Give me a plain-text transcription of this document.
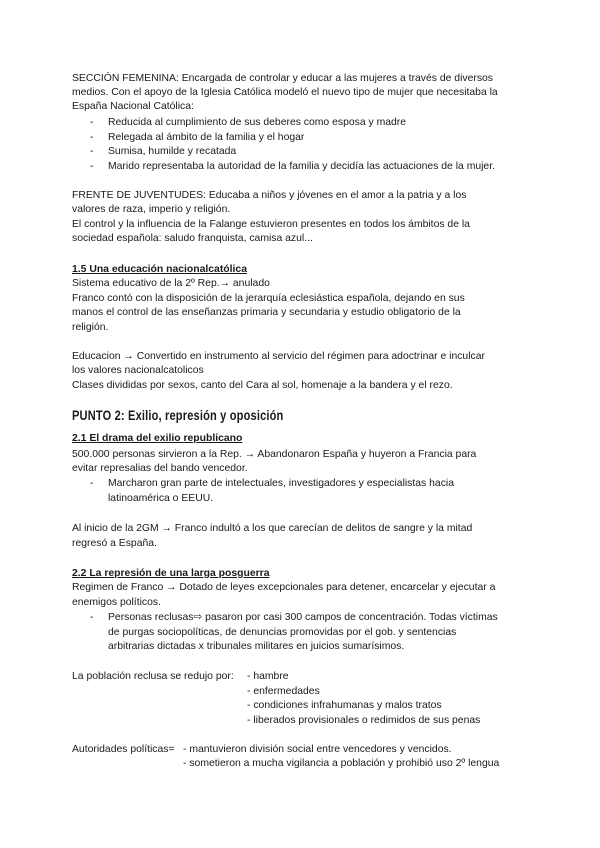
SECCIÓN FEMENINA: Encargada de controlar y educar a las mujeres a través de diversos
medios. Con el apoyo de la Iglesia Católica modeló el nuevo tipo de mujer que necesitaba la
España Nacional Católica:
- Reducida al cumplimiento de sus deberes como esposa y madre
- Relegada al ámbito de la familia y el hogar
- Sumisa, humilde y recatada
- Marido representaba la autoridad de la familia y decidía las actuaciones de la mujer.
FRENTE DE JUVENTUDES: Educaba a niños y jóvenes en el amor a la patria y a los
valores de raza, imperio y religión.
El control y la influencia de la Falange estuvieron presentes en todos los ámbitos de la
sociedad española: saludo franquista, camisa azul...
1.5 Una educación nacionalcatólica
Sistema educativo de la 2º Rep.→ anulado
Franco contó con la disposición de la jerarquía eclesiástica española, dejando en sus
manos el control de las enseñanzas primaria y secundaria y estudio obligatorio de la
religión.
Educacion → Convertido en instrumento al servicio del régimen para adoctrinar e inculcar
los valores nacionalcatolicos
Clases divididas por sexos, canto del Cara al sol, homenaje a la bandera y el rezo.
PUNTO 2: Exilio, represión y oposición
2.1 El drama del exilio republicano
500.000 personas sirvieron a la Rep. → Abandonaron España y huyeron a Francia para
evitar represalias del bando vencedor.
- Marcharon gran parte de intelectuales, investigadores y especialistas hacia
latinoamérica o EEUU.
Al inicio de la 2GM → Franco indultó a los que carecían de delitos de sangre y la mitad
regresó a España.
2.2 La represión de una larga posguerra
Regimen de Franco → Dotado de leyes excepcionales para detener, encarcelar y ejecutar a
enemigos políticos.
- Personas reclusas⇨ pasaron por casi 300 campos de concentración. Todas víctimas
de purgas sociopolíticas, de denuncias promovidas por el gob. y sentencias
arbitrarias dictadas x tribunales militares en juicios sumarísimos.
La población reclusa se redujo por: - hambre
- enfermedades
- condiciones infrahumanas y malos tratos
- liberados provisionales o redimidos de sus penas
Autoridades políticas= - mantuvieron división social entre vencedores y vencidos.
- sometieron a mucha vigilancia a población y prohibió uso 2º lengua
